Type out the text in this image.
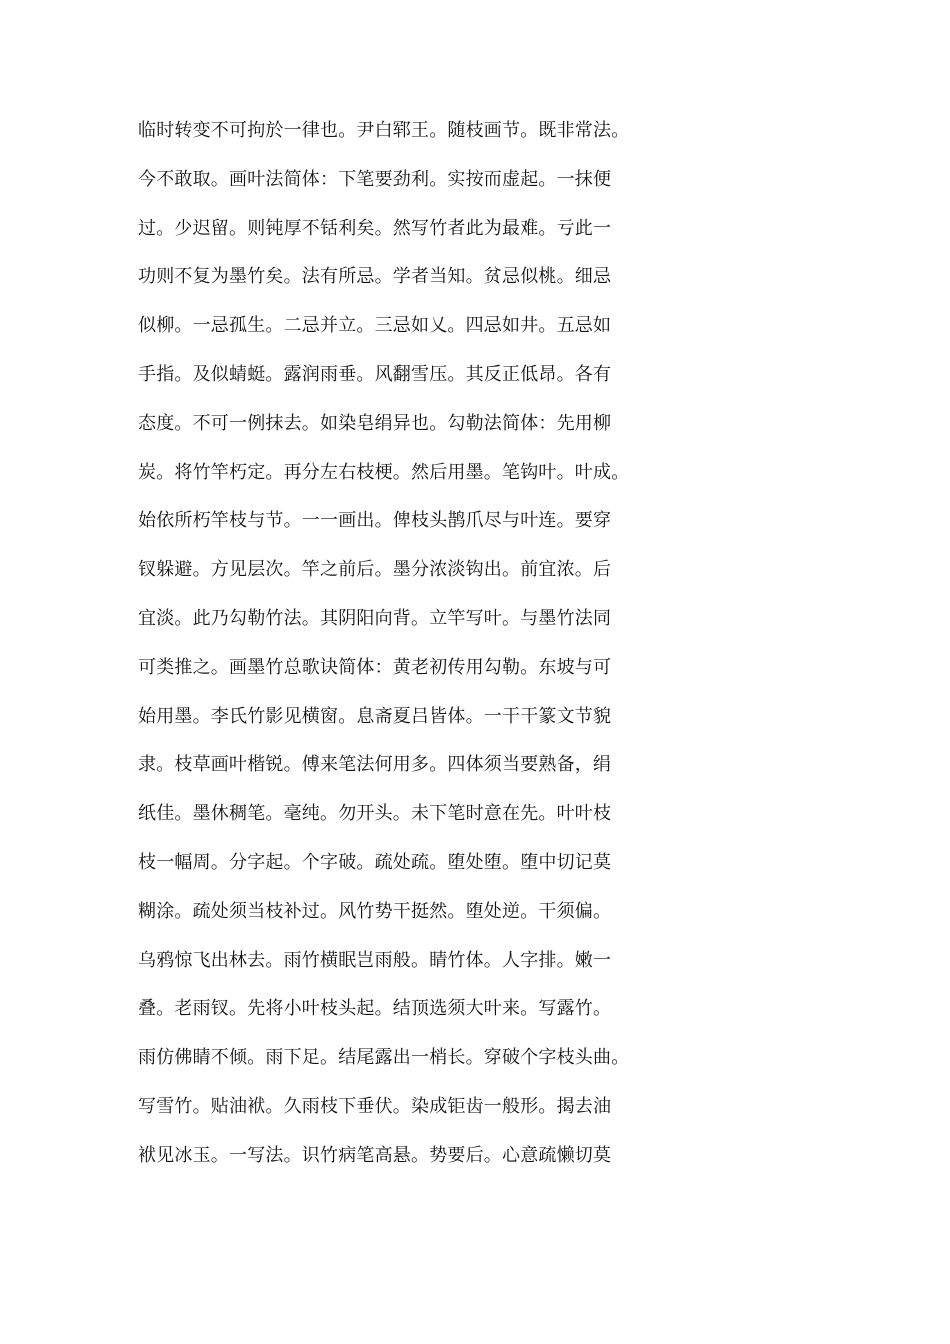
临时转变不可拘於一律也。尹白郓王。随枝画节。既非常法。
今不敢取。画叶法简体：下笔要劲利。实按而虚起。一抹便
过。少迟留。则钝厚不铦利矣。然写竹者此为最难。亏此一
功则不复为墨竹矣。法有所忌。学者当知。贫忌似桃。细忌
似柳。一忌孤生。二忌并立。三忌如乂。四忌如井。五忌如
手指。及似蜻蜓。露润雨垂。风翻雪压。其反正低昂。各有
态度。不可一例抹去。如染皂绢异也。勾勒法简体：先用柳
炭。将竹竿朽定。再分左右枝梗。然后用墨。笔钩叶。叶成。
始依所朽竿枝与节。一一画出。俾枝头鹊爪尽与叶连。要穿
钗躲避。方见层次。竿之前后。墨分浓淡钩出。前宜浓。后
宜淡。此乃勾勒竹法。其阴阳向背。立竿写叶。与墨竹法同
可类推之。画墨竹总歌诀简体：黄老初传用勾勒。东坡与可
始用墨。李氏竹影见横窗。息斋夏吕皆体。一干干篆文节貌
隶。枝草画叶楷锐。傅来笔法何用多。四体须当要熟备，绢
纸佳。墨休稠笔。毫纯。勿开头。未下笔时意在先。叶叶枝
枝一幅周。分字起。个字破。疏处疏。堕处堕。堕中切记莫
糊涂。疏处须当枝补过。风竹势干挺然。堕处逆。干须偏。
乌鸦惊飞出林去。雨竹横眠岂雨般。睛竹体。人字排。嫩一
叠。老雨钗。先将小叶枝头起。结顶选须大叶来。写露竹。
雨仿佛睛不倾。雨下足。结尾露出一梢长。穿破个字枝头曲。
写雪竹。贴油袱。久雨枝下垂伏。染成钜齿一般形。揭去油
袱见冰玉。一写法。识竹病笔高悬。势要后。心意疏懒切莫
